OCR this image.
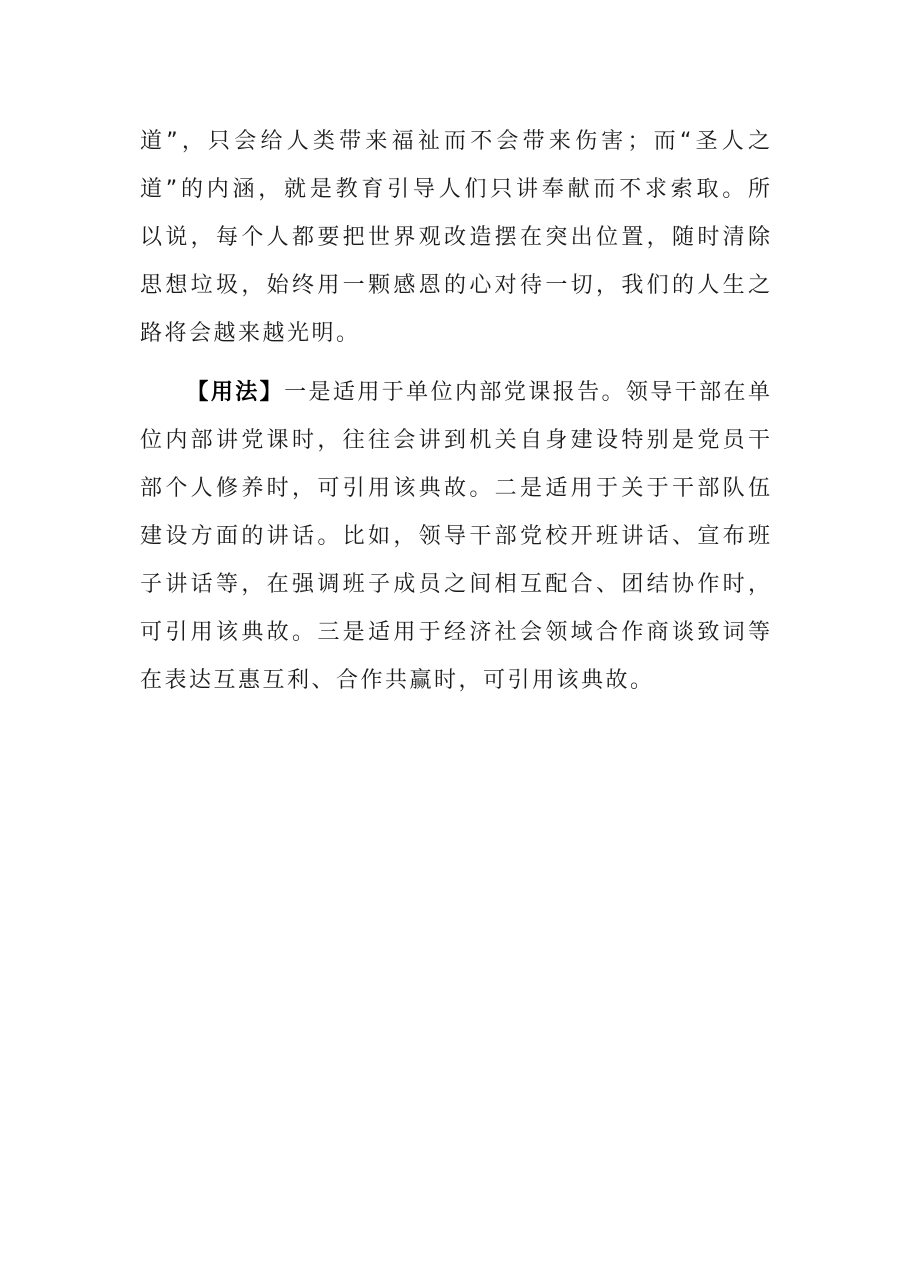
道”，只会给人类带来福祉而不会带来伤害；而“圣人之
道”的内涵，就是教育引导人们只讲奉献而不求索取。所
以说，每个人都要把世界观改造摆在突出位置，随时清除
思想垃圾，始终用一颗感恩的心对待一切，我们的人生之
路将会越来越光明。
【用法】一是适用于单位内部党课报告。领导干部在单
位内部讲党课时，往往会讲到机关自身建设特别是党员干
部个人修养时，可引用该典故。二是适用于关于干部队伍
建设方面的讲话。比如，领导干部党校开班讲话、宣布班
子讲话等，在强调班子成员之间相互配合、团结协作时，
可引用该典故。三是适用于经济社会领域合作商谈致词等
在表达互惠互利、合作共赢时，可引用该典故。
